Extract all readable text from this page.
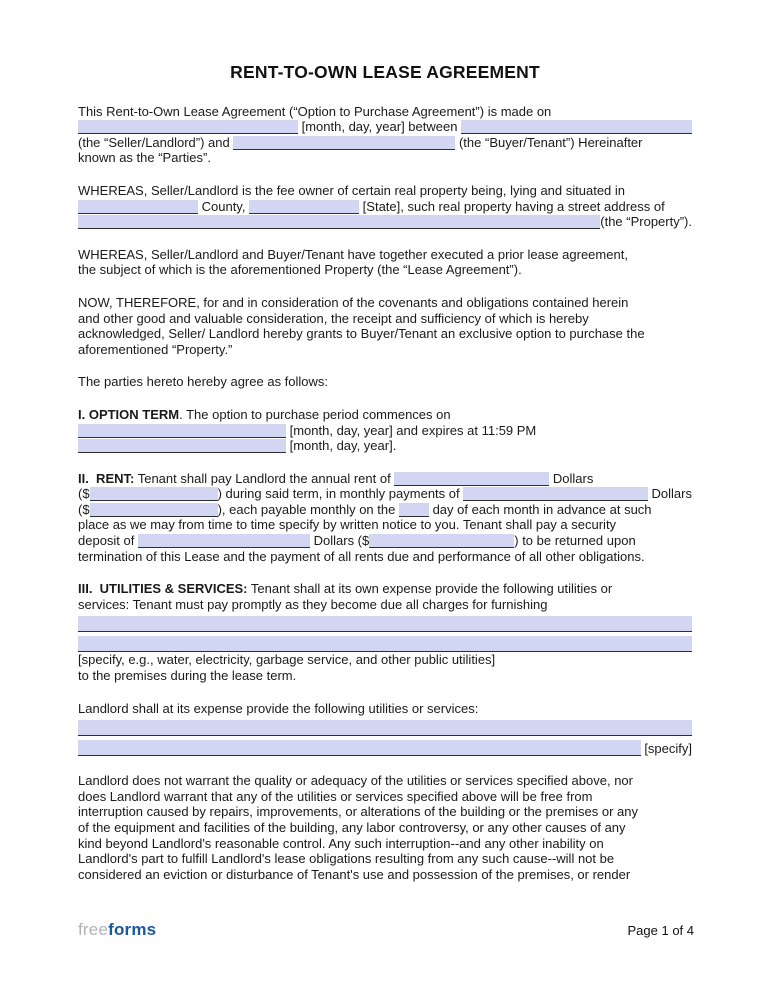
RENT-TO-OWN LEASE AGREEMENT
This Rent-to-Own Lease Agreement (“Option to Purchase Agreement”) is made on
[month, day, year] between
(the “Seller/Landlord”) and	(the “Buyer/Tenant”) Hereinafter
known as the “Parties”.
WHEREAS, Seller/Landlord is the fee owner of certain real property being, lying and situated in
County,	[State], such real property having a street address of
(the “Property”).
WHEREAS, Seller/Landlord and Buyer/Tenant have together executed a prior lease agreement,
the subject of which is the aforementioned Property (the “Lease Agreement”).
NOW, THEREFORE, for and in consideration of the covenants and obligations contained herein
and other good and valuable consideration, the receipt and sufficiency of which is hereby
acknowledged, Seller/ Landlord hereby grants to Buyer/Tenant an exclusive option to purchase the
aforementioned “Property.”
The parties hereto hereby agree as follows:
I. OPTION TERM . The option to purchase period commences on
[month, day, year] and expires at 11:59 PM
[month, day, year].
II.  RENT: Tenant shall pay Landlord the annual rent of	Dollars
($	) during said term, in monthly payments of	Dollars
($	), each payable monthly on the day of each month in advance at such
place as we may from time to time specify by written notice to you. Tenant shall pay a security
deposit of	Dollars ($	) to be returned upon
termination of this Lease and the payment of all rents due and performance of all other obligations.
III.  UTILITIES & SERVICES: Tenant shall at its own expense provide the following utilities or
services: Tenant must pay promptly as they become due all charges for furnishing
[specify, e.g., water, electricity, garbage service, and other public utilities]
to the premises during the lease term.
Landlord shall at its expense provide the following utilities or services:
[specify]
Landlord does not warrant the quality or adequacy of the utilities or services specified above, nor
does Landlord warrant that any of the utilities or services specified above will be free from
interruption caused by repairs, improvements, or alterations of the building or the premises or any
of the equipment and facilities of the building, any labor controversy, or any other causes of any
kind beyond Landlord's reasonable control. Any such interruption--and any other inability on
Landlord's part to fulfill Landlord's lease obligations resulting from any such cause--will not be
considered an eviction or disturbance of Tenant's use and possession of the premises, or render
freeforms	Page 1 of 4
